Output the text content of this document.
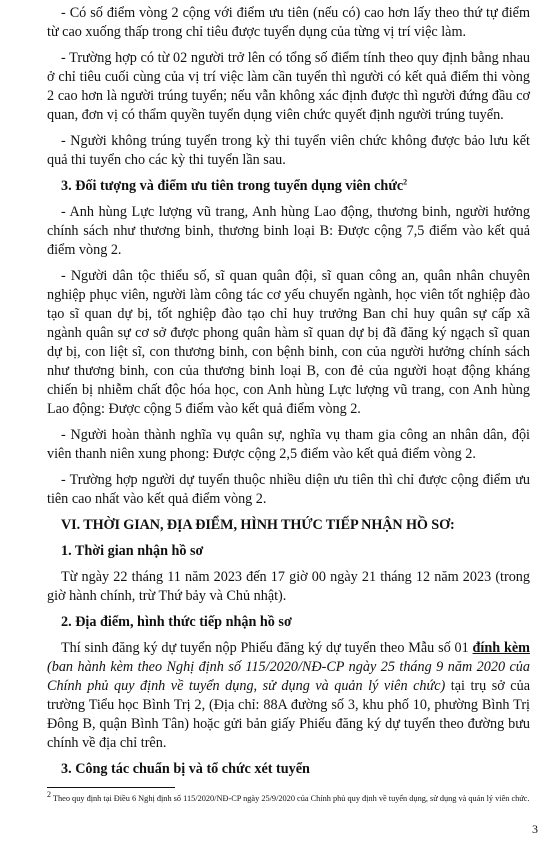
- Có số điểm vòng 2 cộng với điểm ưu tiên (nếu có) cao hơn lấy theo thứ tự điểm từ cao xuống thấp trong chỉ tiêu được tuyển dụng của từng vị trí việc làm.

- Trường hợp có từ 02 người trở lên có tổng số điểm tính theo quy định bằng nhau ở chỉ tiêu cuối cùng của vị trí việc làm cần tuyển thì người có kết quả điểm thi vòng 2 cao hơn là người trúng tuyển; nếu vẫn không xác định được thì người đứng đầu cơ quan, đơn vị có thẩm quyền tuyển dụng viên chức quyết định người trúng tuyển.

- Người không trúng tuyển trong kỳ thi tuyển viên chức không được bảo lưu kết quả thi tuyển cho các kỳ thi tuyển lần sau.

3. Đối tượng và điểm ưu tiên trong tuyển dụng viên chức$^2$

- Anh hùng Lực lượng vũ trang, Anh hùng Lao động, thương binh, người hưởng chính sách như thương binh, thương binh loại B: Được cộng 7,5 điểm vào kết quả điểm vòng 2.

- Người dân tộc thiểu số, sĩ quan quân đội, sĩ quan công an, quân nhân chuyên nghiệp phục viên, người làm công tác cơ yếu chuyển ngành, học viên tốt nghiệp đào tạo sĩ quan dự bị, tốt nghiệp đào tạo chỉ huy trưởng Ban chỉ huy quân sự cấp xã ngành quân sự cơ sở được phong quân hàm sĩ quan dự bị đã đăng ký ngạch sĩ quan dự bị, con liệt sĩ, con thương binh, con bệnh binh, con của người hưởng chính sách như thương binh, con của thương binh loại B, con đẻ của người hoạt động kháng chiến bị nhiễm chất độc hóa học, con Anh hùng Lực lượng vũ trang, con Anh hùng Lao động: Được cộng 5 điểm vào kết quả điểm vòng 2.

- Người hoàn thành nghĩa vụ quân sự, nghĩa vụ tham gia công an nhân dân, đội viên thanh niên xung phong: Được cộng 2,5 điểm vào kết quả điểm vòng 2.

- Trường hợp người dự tuyển thuộc nhiều diện ưu tiên thì chỉ được cộng điểm ưu tiên cao nhất vào kết quả điểm vòng 2.

VI. THỜI GIAN, ĐỊA ĐIỂM, HÌNH THỨC TIẾP NHẬN HỒ SƠ:

1. Thời gian nhận hồ sơ

Từ ngày 22 tháng 11 năm 2023 đến 17 giờ 00 ngày 21 tháng 12 năm 2023 (trong giờ hành chính, trừ Thứ bảy và Chủ nhật).

2. Địa điểm, hình thức tiếp nhận hồ sơ

Thí sinh đăng ký dự tuyển nộp Phiếu đăng ký dự tuyển theo Mẫu số 01 đính kèm (ban hành kèm theo Nghị định số 115/2020/NĐ-CP ngày 25 tháng 9 năm 2020 của Chính phủ quy định về tuyển dụng, sử dụng và quản lý viên chức) tại trụ sở của trường Tiểu học Bình Trị 2, (Địa chỉ: 88A đường số 3, khu phố 10, phường Bình Trị Đông B, quận Bình Tân) hoặc gửi bản giấy Phiếu đăng ký dự tuyển theo đường bưu chính về địa chỉ trên.

3. Công tác chuẩn bị và tổ chức xét tuyển

$^2$ Theo quy định tại Điều 6 Nghị định số 115/2020/NĐ-CP ngày 25/9/2020 của Chính phủ quy định về tuyển dụng, sử dụng và quản lý viên chức.

3
